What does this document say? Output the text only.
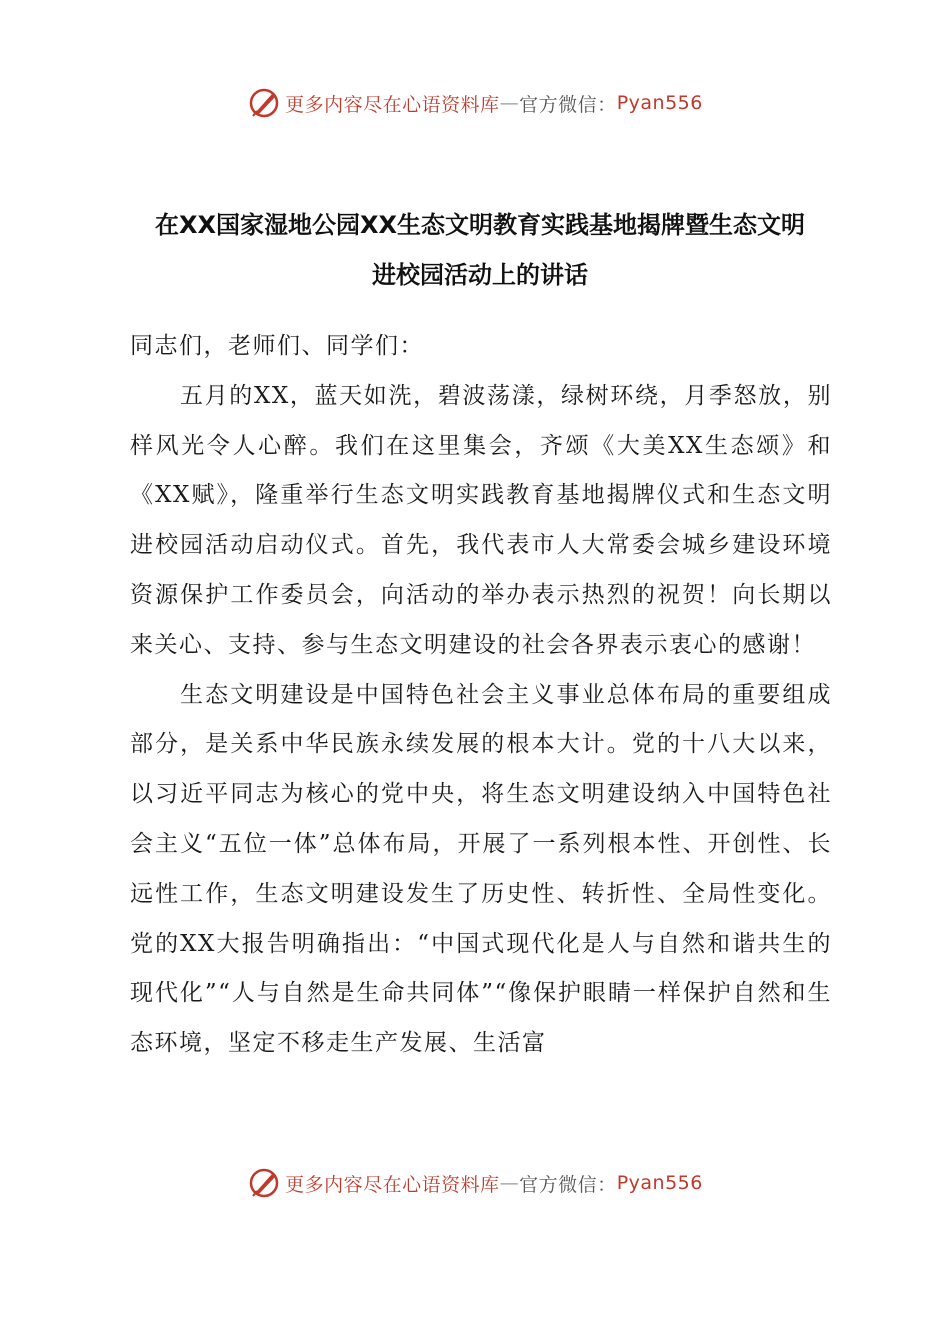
更多内容尽在心语资料库 — 官方微信： Pyan556
在XX国家湿地公园XX生态文明教育实践基地揭牌暨生态文明
进校园活动上的讲话

同志们，老师们、同学们：

五月的XX，蓝天如洗，碧波荡漾，绿树环绕，月季怒放，别样风光令人心醉。我们在这里集会，齐颂《大美XX生态颂》和《XX赋》，隆重举行生态文明实践教育基地揭牌仪式和生态文明进校园活动启动仪式。首先，我代表市人大常委会城乡建设环境资源保护工作委员会，向活动的举办表示热烈的祝贺！向长期以来关心、支持、参与生态文明建设的社会各界表示衷心的感谢！

生态文明建设是中国特色社会主义事业总体布局的重要组成部分，是关系中华民族永续发展的根本大计。党的十八大以来，以习近平同志为核心的党中央，将生态文明建设纳入中国特色社会主义“五位一体”总体布局，开展了一系列根本性、开创性、长远性工作，生态文明建设发生了历史性、转折性、全局性变化。党的XX大报告明确指出：“中国式现代化是人与自然和谐共生的现代化”“人与自然是生命共同体”“像保护眼睛一样保护自然和生态环境，坚定不移走生产发展、生活富

更多内容尽在心语资料库 — 官方微信： Pyan556
